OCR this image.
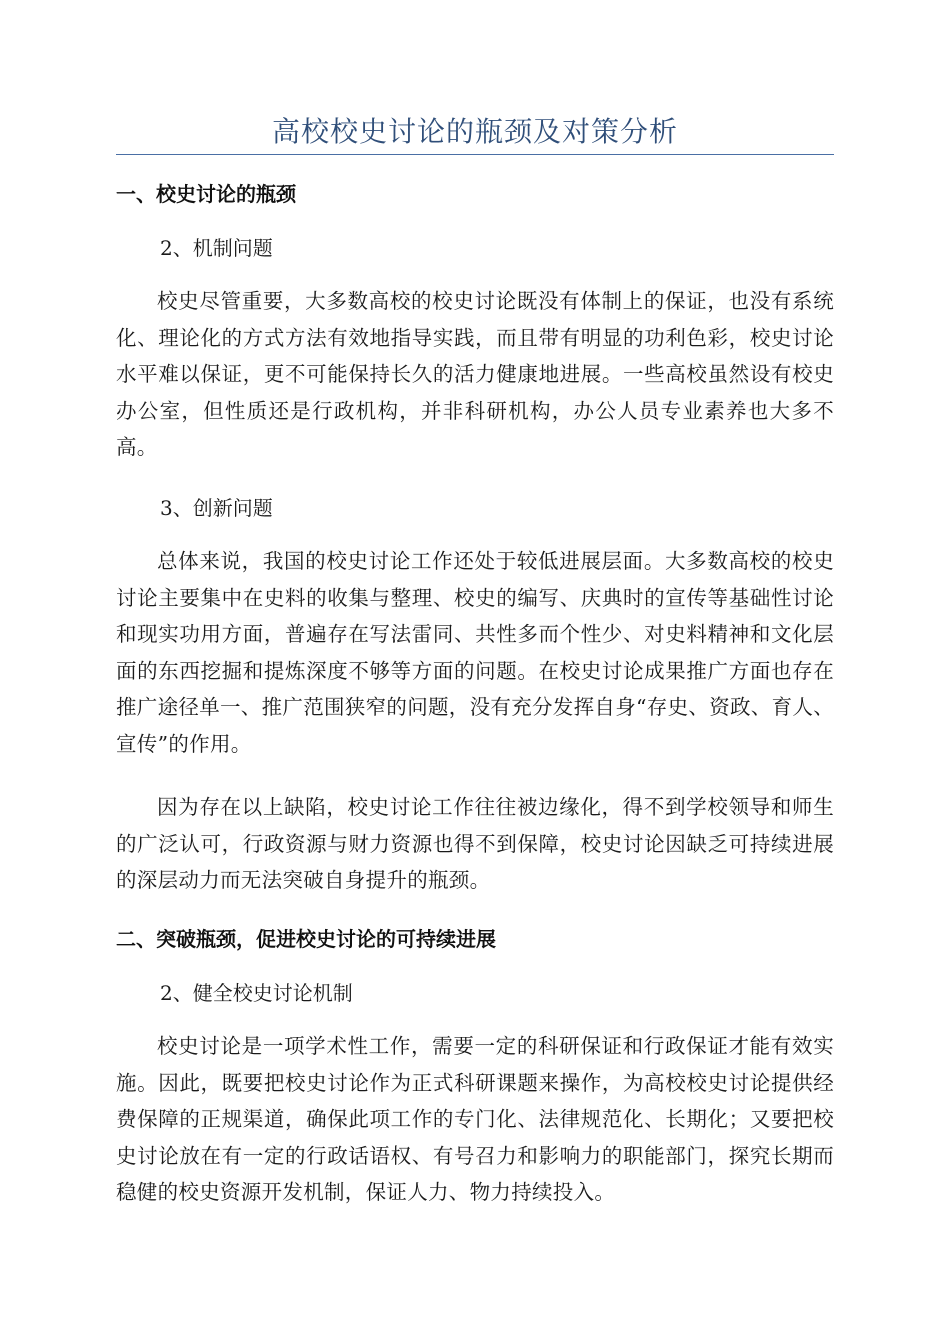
高校校史讨论的瓶颈及对策分析
一、校史讨论的瓶颈
2、机制问题
校史尽管重要，大多数高校的校史讨论既没有体制上的保证，也没有系统化、理论化的方式方法有效地指导实践，而且带有明显的功利色彩，校史讨论水平难以保证，更不可能保持长久的活力健康地进展。一些高校虽然设有校史办公室，但性质还是行政机构，并非科研机构，办公人员专业素养也大多不高。
3、创新问题
总体来说，我国的校史讨论工作还处于较低进展层面。大多数高校的校史讨论主要集中在史料的收集与整理、校史的编写、庆典时的宣传等基础性讨论和现实功用方面，普遍存在写法雷同、共性多而个性少、对史料精神和文化层面的东西挖掘和提炼深度不够等方面的问题。在校史讨论成果推广方面也存在推广途径单一、推广范围狭窄的问题，没有充分发挥自身“存史、资政、育人、宣传”的作用。
因为存在以上缺陷，校史讨论工作往往被边缘化，得不到学校领导和师生的广泛认可，行政资源与财力资源也得不到保障，校史讨论因缺乏可持续进展的深层动力而无法突破自身提升的瓶颈。
二、突破瓶颈，促进校史讨论的可持续进展
2、健全校史讨论机制
校史讨论是一项学术性工作，需要一定的科研保证和行政保证才能有效实施。因此，既要把校史讨论作为正式科研课题来操作，为高校校史讨论提供经费保障的正规渠道，确保此项工作的专门化、法律规范化、长期化；又要把校史讨论放在有一定的行政话语权、有号召力和影响力的职能部门，探究长期而稳健的校史资源开发机制，保证人力、物力持续投入。
